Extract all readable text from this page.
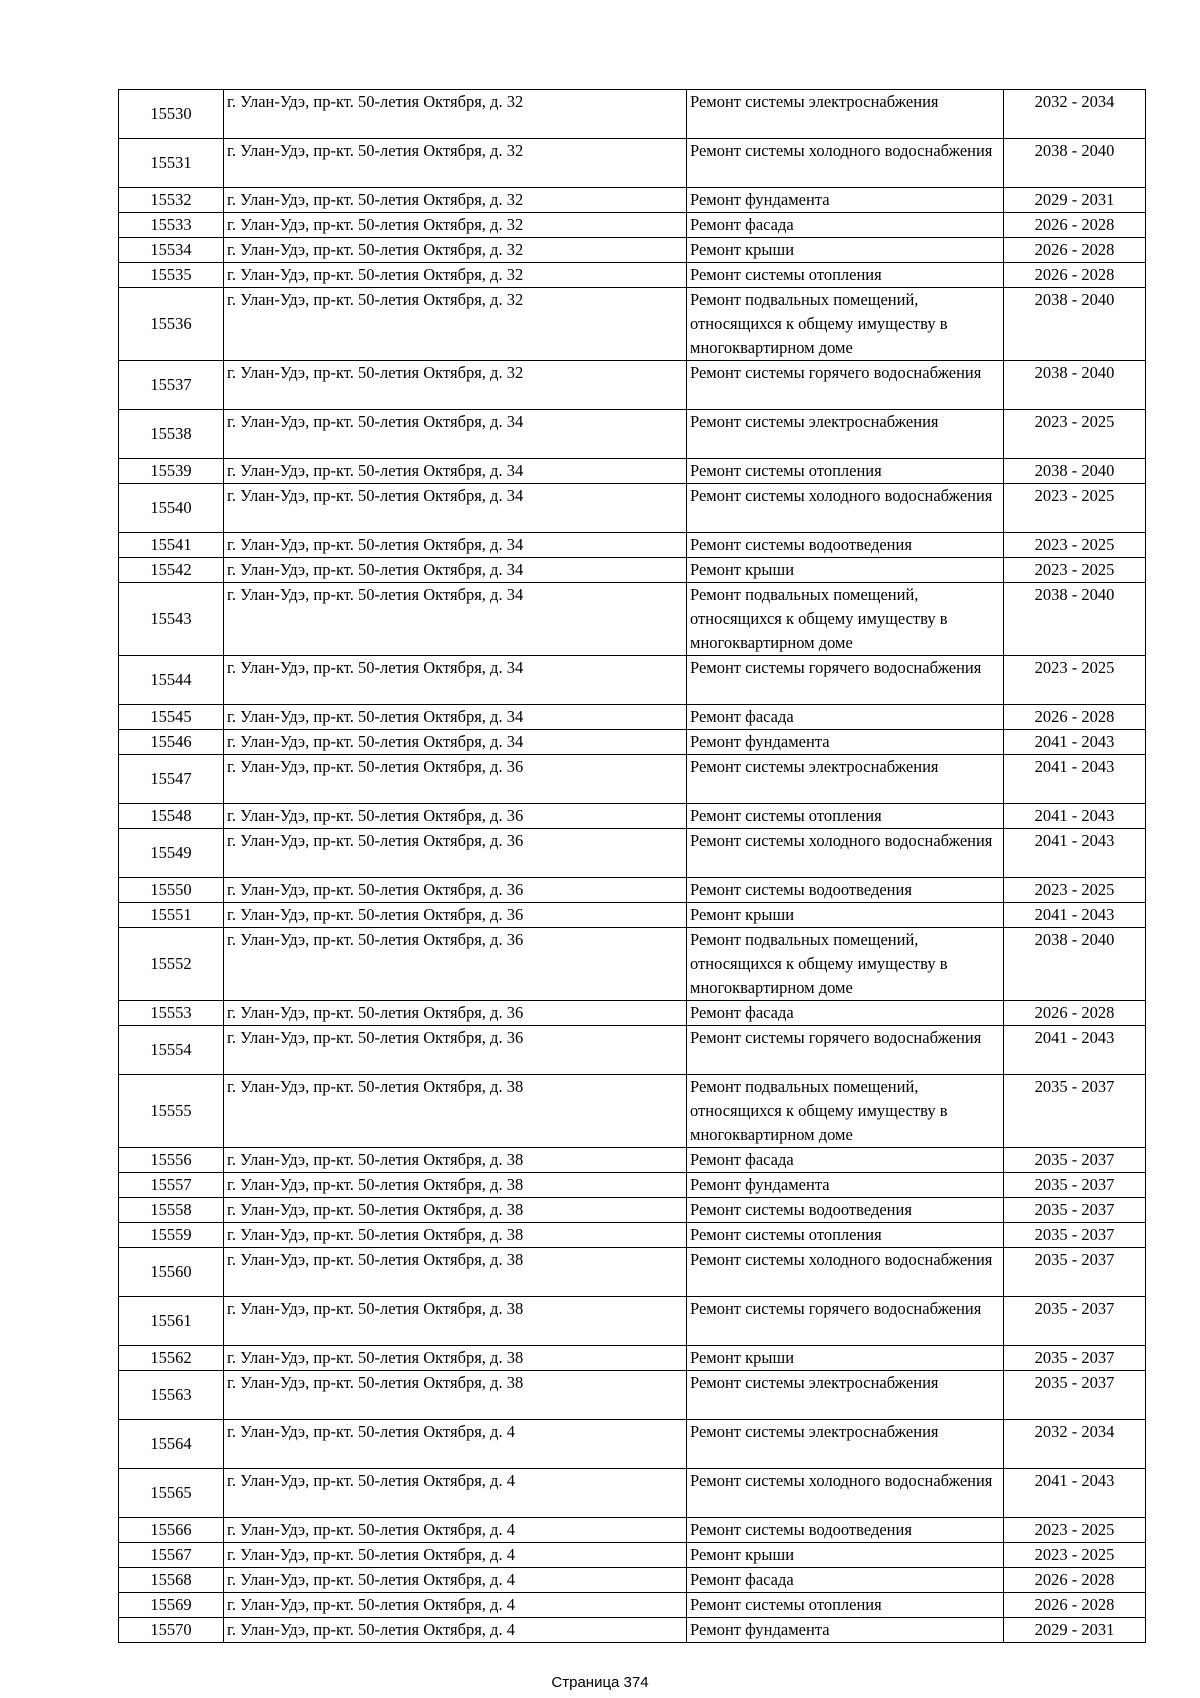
15530	г. Улан-Удэ, пр-кт. 50-летия Октября, д. 32	Ремонт системы электроснабжения	2032 - 2034
15531	г. Улан-Удэ, пр-кт. 50-летия Октября, д. 32	Ремонт системы холодного водоснабжения	2038 - 2040
15532	г. Улан-Удэ, пр-кт. 50-летия Октября, д. 32	Ремонт фундамента	2029 - 2031
15533	г. Улан-Удэ, пр-кт. 50-летия Октября, д. 32	Ремонт фасада	2026 - 2028
15534	г. Улан-Удэ, пр-кт. 50-летия Октября, д. 32	Ремонт крыши	2026 - 2028
15535	г. Улан-Удэ, пр-кт. 50-летия Октября, д. 32	Ремонт системы отопления	2026 - 2028
15536	г. Улан-Удэ, пр-кт. 50-летия Октября, д. 32	Ремонт подвальных помещений, относящихся к общему имуществу в многоквартирном доме	2038 - 2040
15537	г. Улан-Удэ, пр-кт. 50-летия Октября, д. 32	Ремонт системы горячего водоснабжения	2038 - 2040
15538	г. Улан-Удэ, пр-кт. 50-летия Октября, д. 34	Ремонт системы электроснабжения	2023 - 2025
15539	г. Улан-Удэ, пр-кт. 50-летия Октября, д. 34	Ремонт системы отопления	2038 - 2040
15540	г. Улан-Удэ, пр-кт. 50-летия Октября, д. 34	Ремонт системы холодного водоснабжения	2023 - 2025
15541	г. Улан-Удэ, пр-кт. 50-летия Октября, д. 34	Ремонт системы водоотведения	2023 - 2025
15542	г. Улан-Удэ, пр-кт. 50-летия Октября, д. 34	Ремонт крыши	2023 - 2025
15543	г. Улан-Удэ, пр-кт. 50-летия Октября, д. 34	Ремонт подвальных помещений, относящихся к общему имуществу в многоквартирном доме	2038 - 2040
15544	г. Улан-Удэ, пр-кт. 50-летия Октября, д. 34	Ремонт системы горячего водоснабжения	2023 - 2025
15545	г. Улан-Удэ, пр-кт. 50-летия Октября, д. 34	Ремонт фасада	2026 - 2028
15546	г. Улан-Удэ, пр-кт. 50-летия Октября, д. 34	Ремонт фундамента	2041 - 2043
15547	г. Улан-Удэ, пр-кт. 50-летия Октября, д. 36	Ремонт системы электроснабжения	2041 - 2043
15548	г. Улан-Удэ, пр-кт. 50-летия Октября, д. 36	Ремонт системы отопления	2041 - 2043
15549	г. Улан-Удэ, пр-кт. 50-летия Октября, д. 36	Ремонт системы холодного водоснабжения	2041 - 2043
15550	г. Улан-Удэ, пр-кт. 50-летия Октября, д. 36	Ремонт системы водоотведения	2023 - 2025
15551	г. Улан-Удэ, пр-кт. 50-летия Октября, д. 36	Ремонт крыши	2041 - 2043
15552	г. Улан-Удэ, пр-кт. 50-летия Октября, д. 36	Ремонт подвальных помещений, относящихся к общему имуществу в многоквартирном доме	2038 - 2040
15553	г. Улан-Удэ, пр-кт. 50-летия Октября, д. 36	Ремонт фасада	2026 - 2028
15554	г. Улан-Удэ, пр-кт. 50-летия Октября, д. 36	Ремонт системы горячего водоснабжения	2041 - 2043
15555	г. Улан-Удэ, пр-кт. 50-летия Октября, д. 38	Ремонт подвальных помещений, относящихся к общему имуществу в многоквартирном доме	2035 - 2037
15556	г. Улан-Удэ, пр-кт. 50-летия Октября, д. 38	Ремонт фасада	2035 - 2037
15557	г. Улан-Удэ, пр-кт. 50-летия Октября, д. 38	Ремонт фундамента	2035 - 2037
15558	г. Улан-Удэ, пр-кт. 50-летия Октября, д. 38	Ремонт системы водоотведения	2035 - 2037
15559	г. Улан-Удэ, пр-кт. 50-летия Октября, д. 38	Ремонт системы отопления	2035 - 2037
15560	г. Улан-Удэ, пр-кт. 50-летия Октября, д. 38	Ремонт системы холодного водоснабжения	2035 - 2037
15561	г. Улан-Удэ, пр-кт. 50-летия Октября, д. 38	Ремонт системы горячего водоснабжения	2035 - 2037
15562	г. Улан-Удэ, пр-кт. 50-летия Октября, д. 38	Ремонт крыши	2035 - 2037
15563	г. Улан-Удэ, пр-кт. 50-летия Октября, д. 38	Ремонт системы электроснабжения	2035 - 2037
15564	г. Улан-Удэ, пр-кт. 50-летия Октября, д. 4	Ремонт системы электроснабжения	2032 - 2034
15565	г. Улан-Удэ, пр-кт. 50-летия Октября, д. 4	Ремонт системы холодного водоснабжения	2041 - 2043
15566	г. Улан-Удэ, пр-кт. 50-летия Октября, д. 4	Ремонт системы водоотведения	2023 - 2025
15567	г. Улан-Удэ, пр-кт. 50-летия Октября, д. 4	Ремонт крыши	2023 - 2025
15568	г. Улан-Удэ, пр-кт. 50-летия Октября, д. 4	Ремонт фасада	2026 - 2028
15569	г. Улан-Удэ, пр-кт. 50-летия Октября, д. 4	Ремонт системы отопления	2026 - 2028
15570	г. Улан-Удэ, пр-кт. 50-летия Октября, д. 4	Ремонт фундамента	2029 - 2031
Страница 374
